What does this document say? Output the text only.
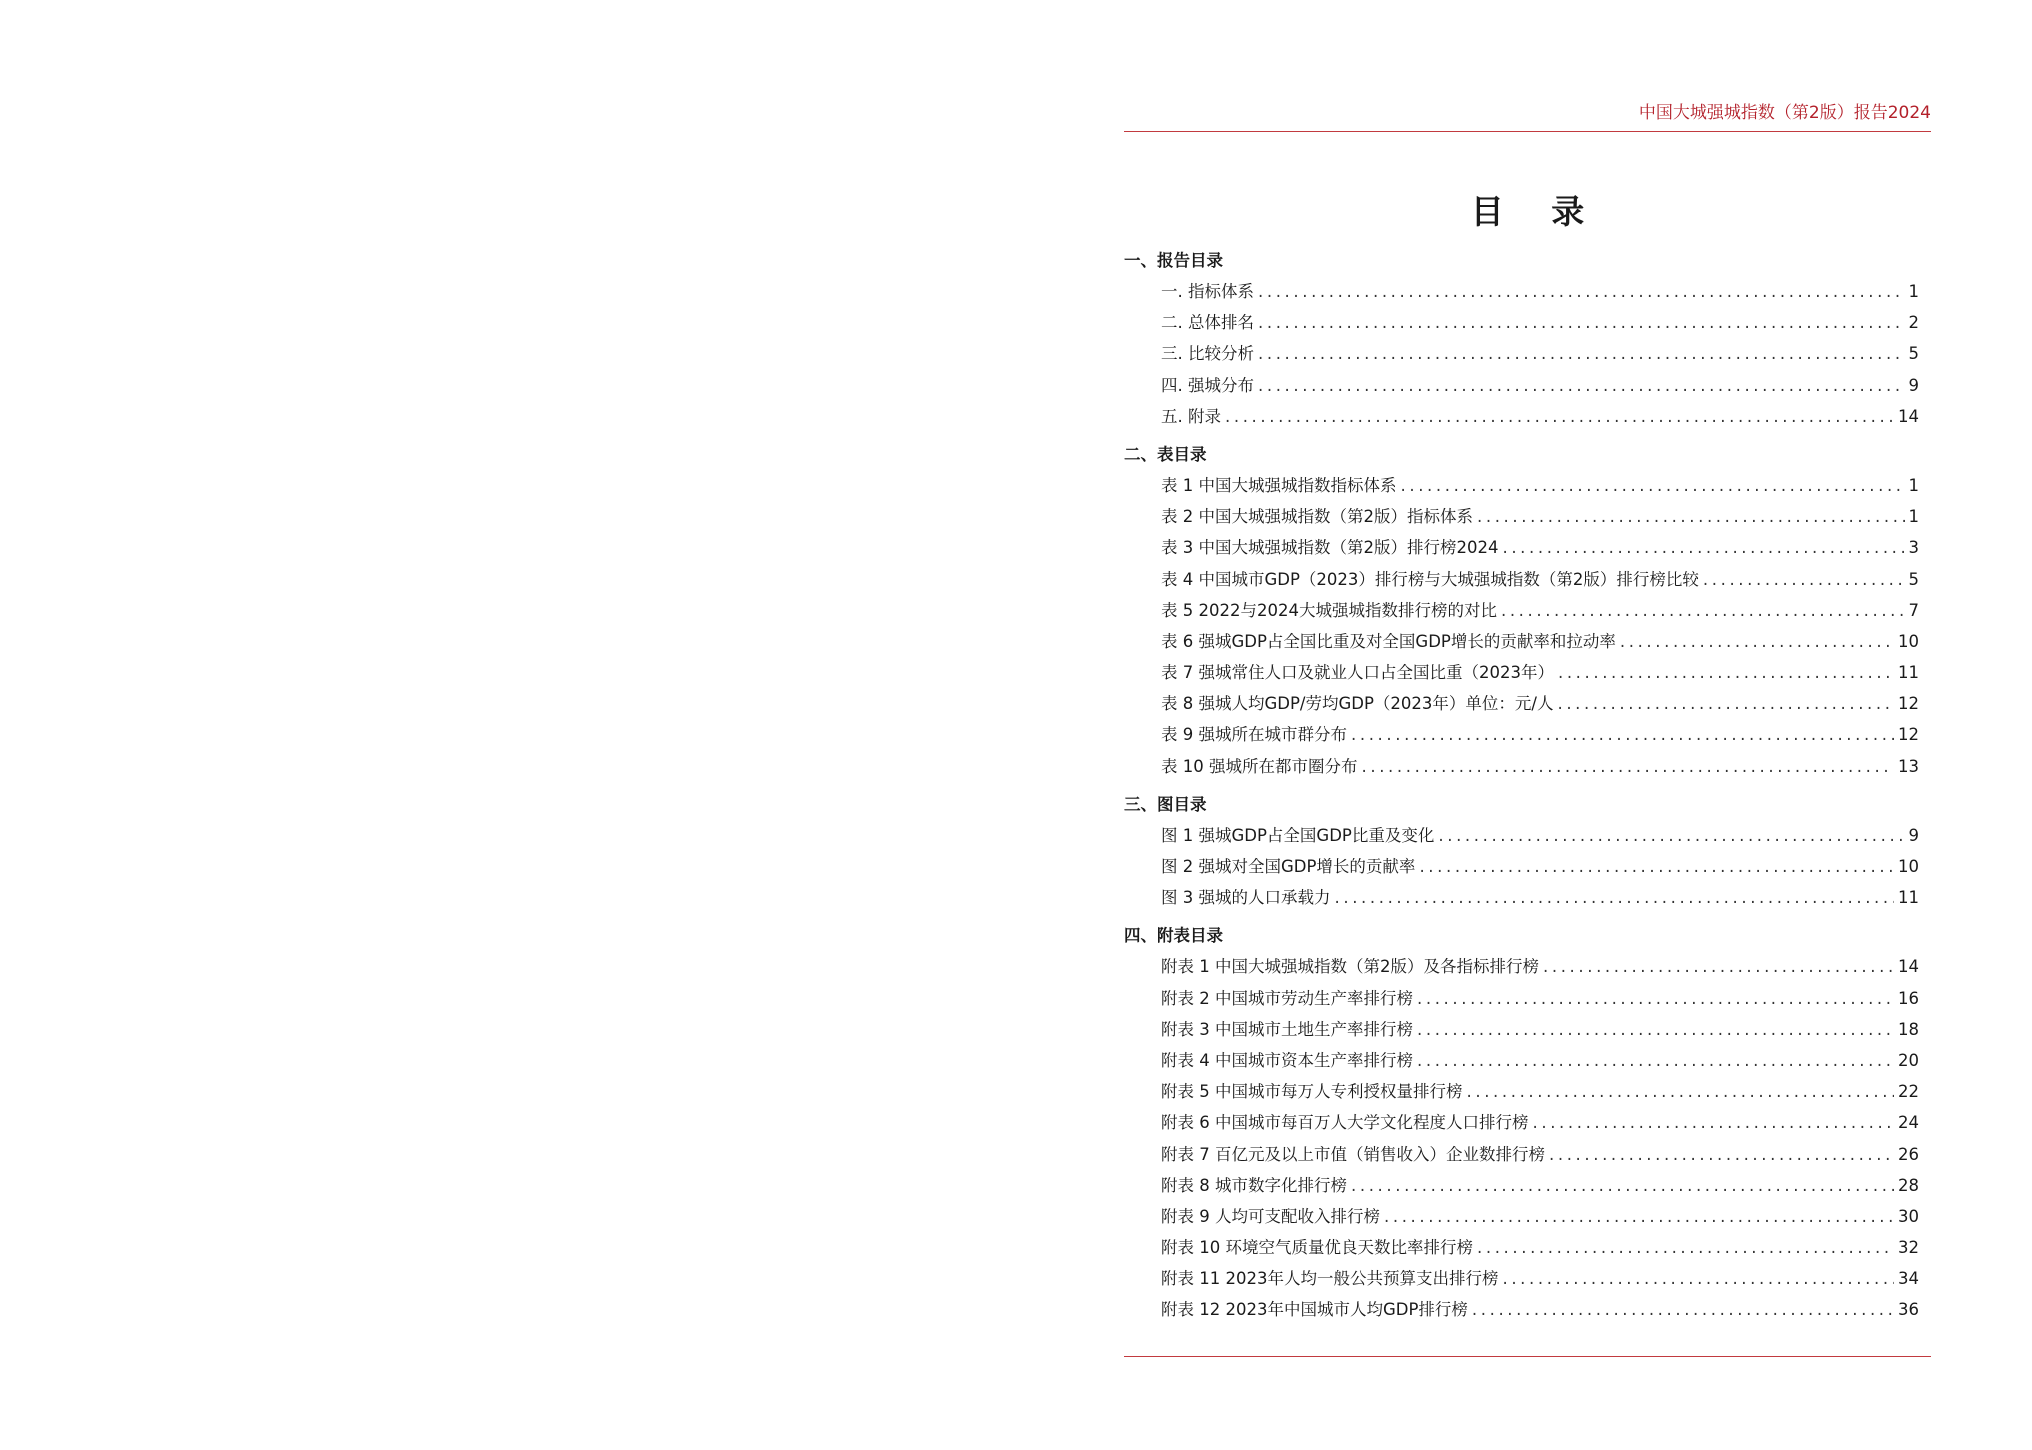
中国大城强城指数（第2版）报告2024
目 录
一、报告目录
一. 指标体系 .....	1
二. 总体排名 .....	2
三. 比较分析 .....	5
四. 强城分布 .....	9
五. 附录 .....	14
二、表目录
表 1 中国大城强城指数指标体系 .....	1
表 2 中国大城强城指数（第2版）指标体系 .....	1
表 3 中国大城强城指数（第2版）排行榜2024 .....	3
表 4 中国城市GDP（2023）排行榜与大城强城指数（第2版）排行榜比较 .....	5
表 5 2022与2024大城强城指数排行榜的对比 .....	7
表 6 强城GDP占全国比重及对全国GDP增长的贡献率和拉动率 .....	10
表 7 强城常住人口及就业人口占全国比重（2023年） .....	11
表 8 强城人均GDP/劳均GDP（2023年）单位：元/人 .....	12
表 9 强城所在城市群分布 .....	12
表 10 强城所在都市圈分布 .....	13
三、图目录
图 1 强城GDP占全国GDP比重及变化 .....	9
图 2 强城对全国GDP增长的贡献率 .....	10
图 3 强城的人口承载力 .....	11
四、附表目录
附表 1 中国大城强城指数（第2版）及各指标排行榜 .....	14
附表 2 中国城市劳动生产率排行榜 .....	16
附表 3 中国城市土地生产率排行榜 .....	18
附表 4 中国城市资本生产率排行榜 .....	20
附表 5 中国城市每万人专利授权量排行榜 .....	22
附表 6 中国城市每百万人大学文化程度人口排行榜 .....	24
附表 7 百亿元及以上市值（销售收入）企业数排行榜 .....	26
附表 8 城市数字化排行榜 .....	28
附表 9 人均可支配收入排行榜 .....	30
附表 10 环境空气质量优良天数比率排行榜 .....	32
附表 11 2023年人均一般公共预算支出排行榜 .....	34
附表 12 2023年中国城市人均GDP排行榜 .....	36
